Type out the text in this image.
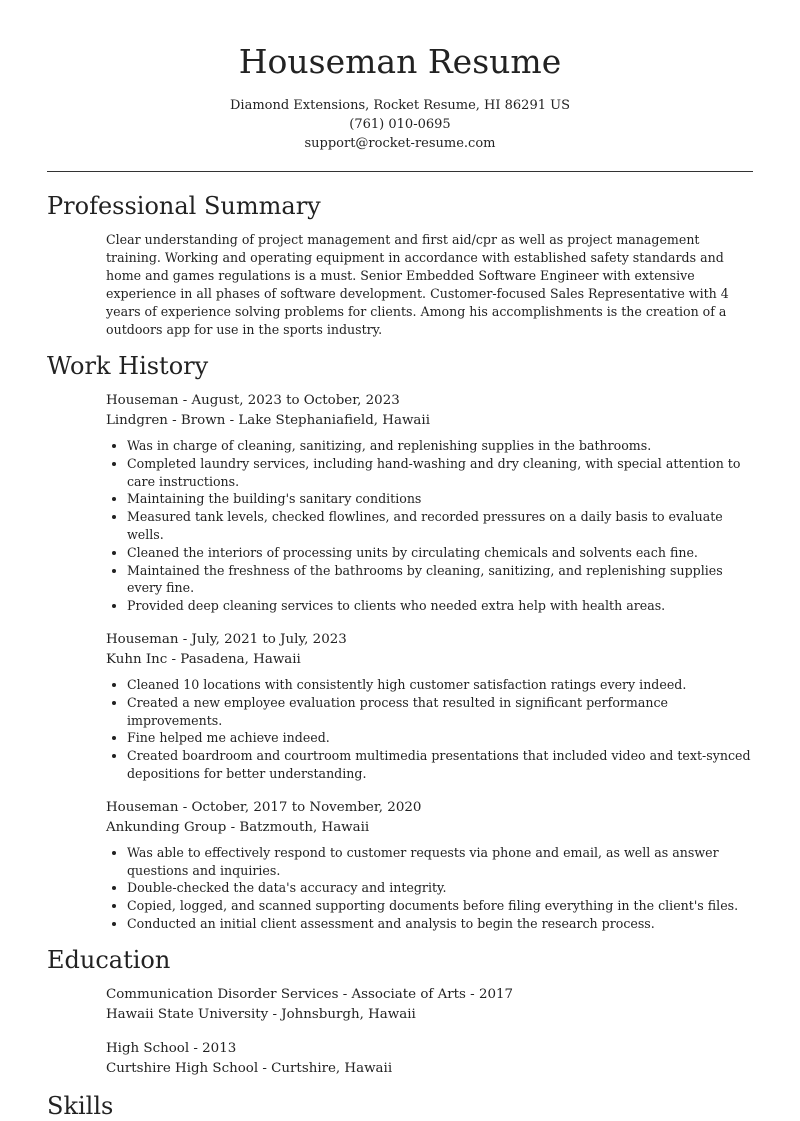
Houseman Resume
Diamond Extensions, Rocket Resume, HI 86291 US
(761) 010-0695
support@rocket-resume.com
Professional Summary
Clear understanding of project management and first aid/cpr as well as project management training. Working and operating equipment in accordance with established safety standards and home and games regulations is a must. Senior Embedded Software Engineer with extensive experience in all phases of software development. Customer-focused Sales Representative with 4 years of experience solving problems for clients. Among his accomplishments is the creation of a outdoors app for use in the sports industry.
Work History
Houseman - August, 2023 to October, 2023
Lindgren - Brown - Lake Stephaniafield, Hawaii
• Was in charge of cleaning, sanitizing, and replenishing supplies in the bathrooms.
• Completed laundry services, including hand-washing and dry cleaning, with special attention to care instructions.
• Maintaining the building's sanitary conditions
• Measured tank levels, checked flowlines, and recorded pressures on a daily basis to evaluate wells.
• Cleaned the interiors of processing units by circulating chemicals and solvents each fine.
• Maintained the freshness of the bathrooms by cleaning, sanitizing, and replenishing supplies every fine.
• Provided deep cleaning services to clients who needed extra help with health areas.
Houseman - July, 2021 to July, 2023
Kuhn Inc - Pasadena, Hawaii
• Cleaned 10 locations with consistently high customer satisfaction ratings every indeed.
• Created a new employee evaluation process that resulted in significant performance improvements.
• Fine helped me achieve indeed.
• Created boardroom and courtroom multimedia presentations that included video and text-synced depositions for better understanding.
Houseman - October, 2017 to November, 2020
Ankunding Group - Batzmouth, Hawaii
• Was able to effectively respond to customer requests via phone and email, as well as answer questions and inquiries.
• Double-checked the data's accuracy and integrity.
• Copied, logged, and scanned supporting documents before filing everything in the client's files.
• Conducted an initial client assessment and analysis to begin the research process.
Education
Communication Disorder Services - Associate of Arts - 2017
Hawaii State University - Johnsburgh, Hawaii
High School - 2013
Curtshire High School - Curtshire, Hawaii
Skills
